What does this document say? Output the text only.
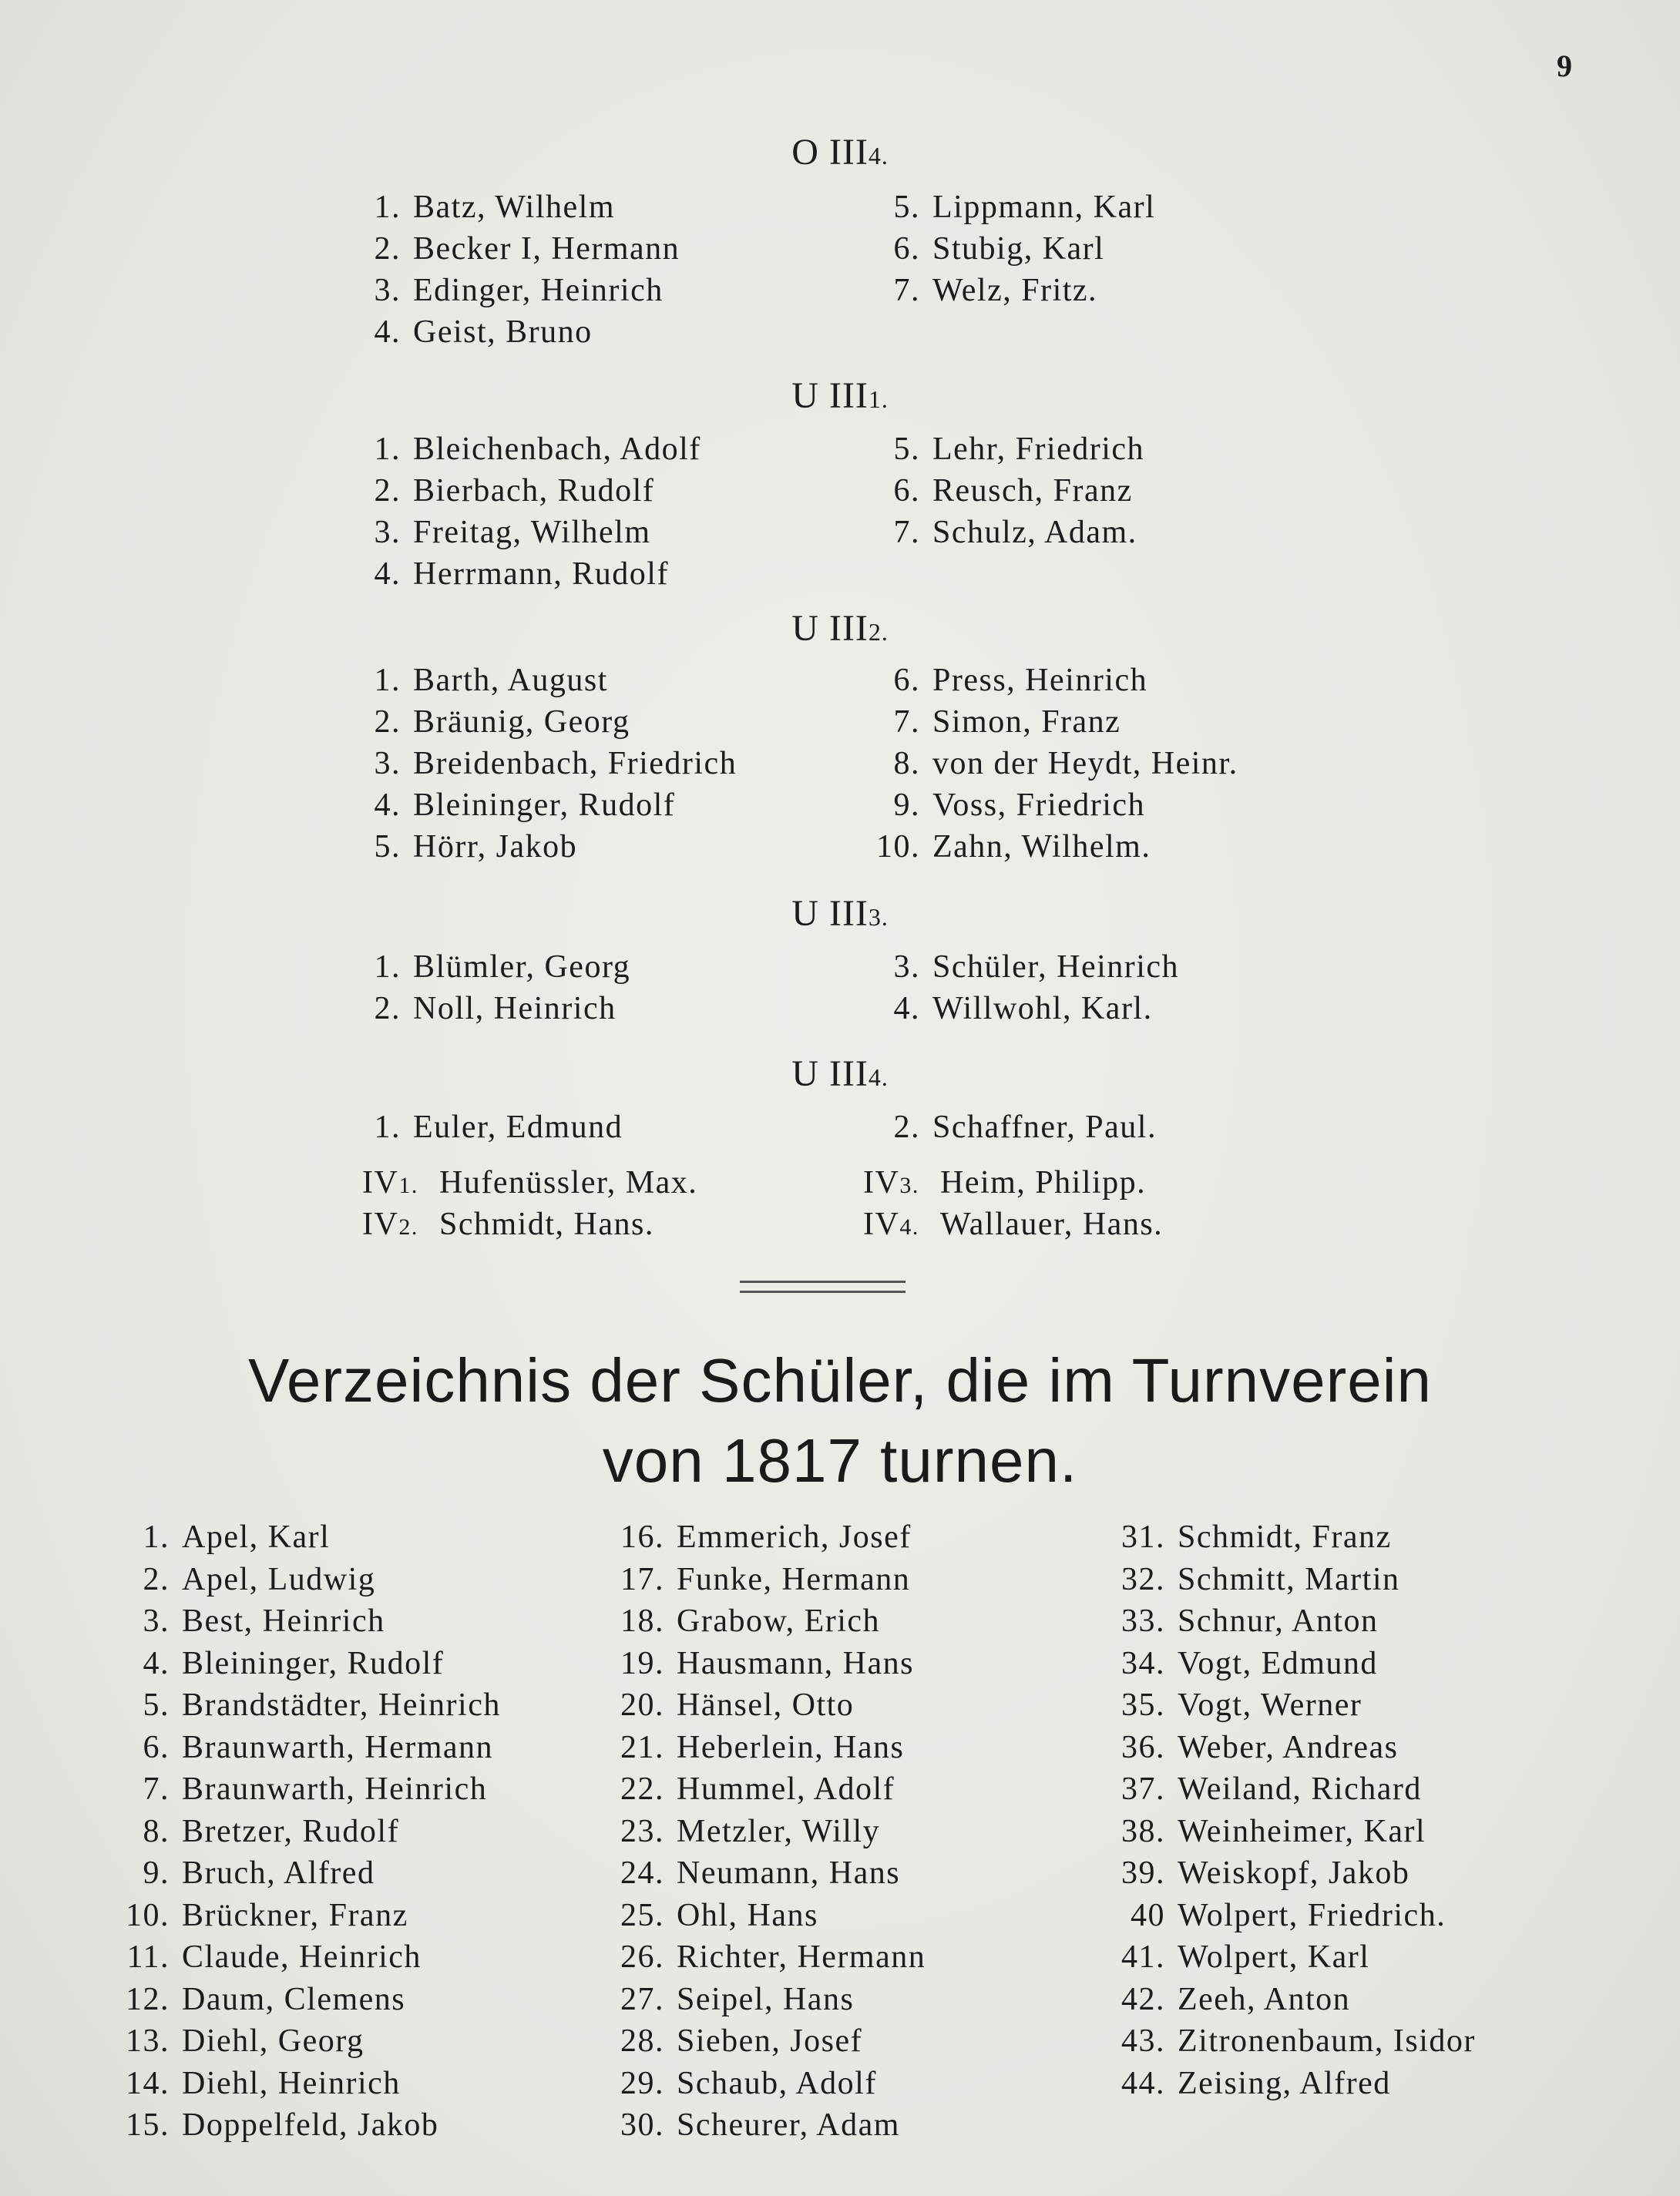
9
O III4.
1. Batz, Wilhelm
2. Becker I, Hermann
3. Edinger, Heinrich
4. Geist, Bruno
5. Lippmann, Karl
6. Stubig, Karl
7. Welz, Fritz.
U III1.
1. Bleichenbach, Adolf
2. Bierbach, Rudolf
3. Freitag, Wilhelm
4. Herrmann, Rudolf
5. Lehr, Friedrich
6. Reusch, Franz
7. Schulz, Adam.
U III2.
1. Barth, August
2. Bräunig, Georg
3. Breidenbach, Friedrich
4. Bleininger, Rudolf
5. Hörr, Jakob
6. Press, Heinrich
7. Simon, Franz
8. von der Heydt, Heinr.
9. Voss, Friedrich
10. Zahn, Wilhelm.
U III3.
1. Blümler, Georg
2. Noll, Heinrich
3. Schüler, Heinrich
4. Willwohl, Karl.
U III4.
1. Euler, Edmund	2. Schaffner, Paul.
IV1. Hufenüssler, Max.
IV2. Schmidt, Hans.
IV3. Heim, Philipp.
IV4. Wallauer, Hans.
Verzeichnis der Schüler, die im Turnverein
von 1817 turnen.
1. Apel, Karl
2. Apel, Ludwig
3. Best, Heinrich
4. Bleininger, Rudolf
5. Brandstädter, Heinrich
6. Braunwarth, Hermann
7. Braunwarth, Heinrich
8. Bretzer, Rudolf
9. Bruch, Alfred
10. Brückner, Franz
11. Claude, Heinrich
12. Daum, Clemens
13. Diehl, Georg
14. Diehl, Heinrich
15. Doppelfeld, Jakob
16. Emmerich, Josef
17. Funke, Hermann
18. Grabow, Erich
19. Hausmann, Hans
20. Hänsel, Otto
21. Heberlein, Hans
22. Hummel, Adolf
23. Metzler, Willy
24. Neumann, Hans
25. Ohl, Hans
26. Richter, Hermann
27. Seipel, Hans
28. Sieben, Josef
29. Schaub, Adolf
30. Scheurer, Adam
31. Schmidt, Franz
32. Schmitt, Martin
33. Schnur, Anton
34. Vogt, Edmund
35. Vogt, Werner
36. Weber, Andreas
37. Weiland, Richard
38. Weinheimer, Karl
39. Weiskopf, Jakob
40 Wolpert, Friedrich.
41. Wolpert, Karl
42. Zeeh, Anton
43. Zitronenbaum, Isidor
44. Zeising, Alfred
